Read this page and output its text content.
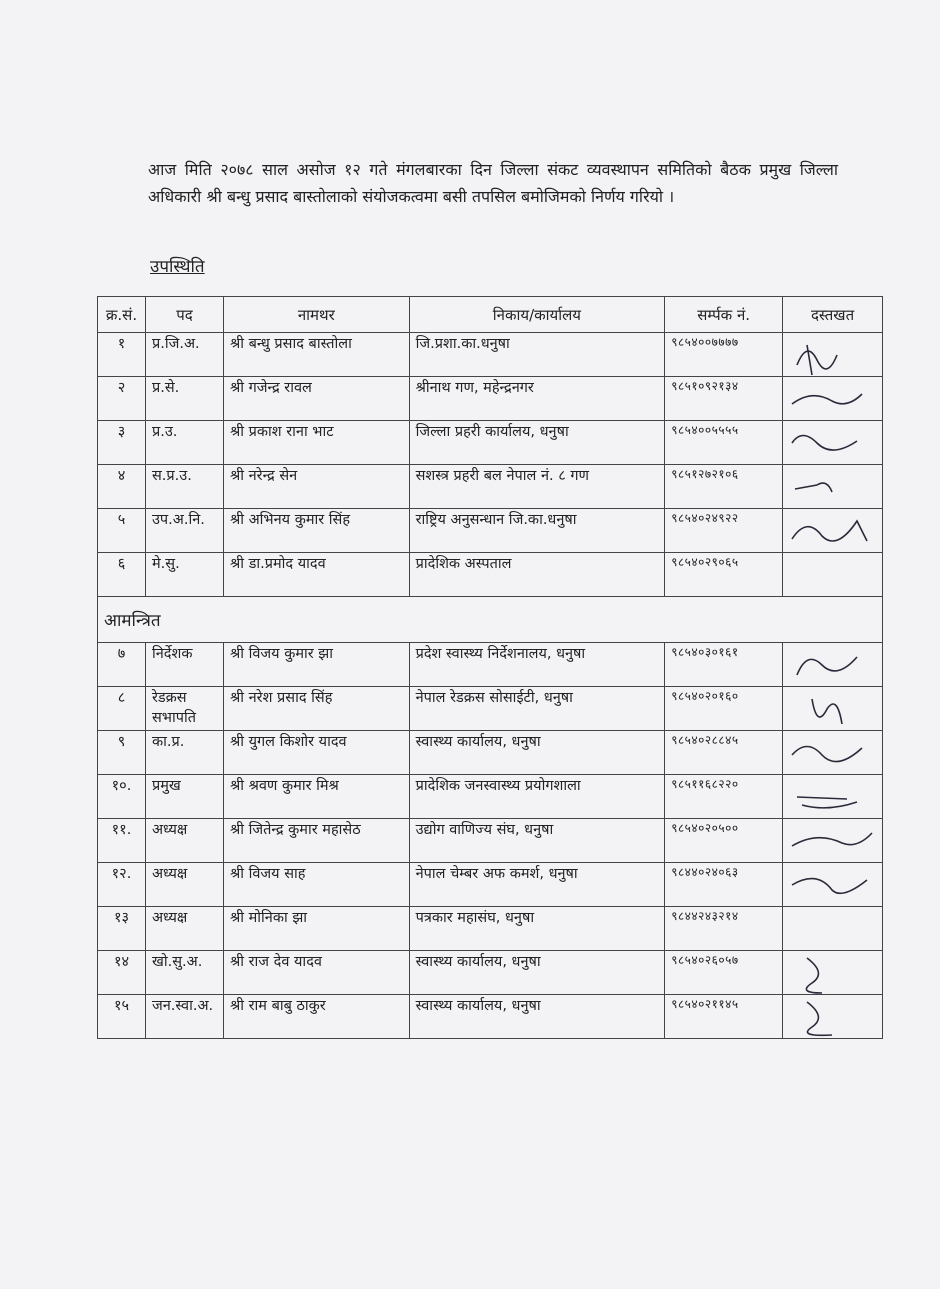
आज मिति २०७८ साल असोज १२ गते मंगलबारका दिन जिल्ला संकट व्यवस्थापन समितिको बैठक प्रमुख जिल्ला अधिकारी श्री बन्धु प्रसाद बास्तोलाको संयोजकत्वमा बसी तपसिल बमोजिमको निर्णय गरियो ।

उपस्थिति
क्र.सं.	पद	नामथर	निकाय/कार्यालय	सर्म्पक नं.	दस्तखत
१	प्र.जि.अ.	श्री बन्धु प्रसाद बास्तोला	जि.प्रशा.का.धनुषा	९८५४००७७७७	

२	प्र.से.	श्री गजेन्द्र रावल	श्रीनाथ गण, महेन्द्रनगर	९८५१०९२१३४	

३	प्र.उ.	श्री प्रकाश राना भाट	जिल्ला प्रहरी कार्यालय, धनुषा	९८५४००५५५५	

४	स.प्र.उ.	श्री नरेन्द्र सेन	सशस्त्र प्रहरी बल नेपाल नं. ८ गण	९८५१२७२१०६	

५	उप.अ.नि.	श्री अभिनय कुमार सिंह	राष्ट्रिय अनुसन्धान जि.का.धनुषा	९८५४०२४९२२	

६	मे.सु.	श्री डा.प्रमोद यादव	प्रादेशिक अस्पताल	९८५४०२९०६५	
आमन्त्रित					
७	निर्देशक	श्री विजय कुमार झा	प्रदेश स्वास्थ्य निर्देशनालय, धनुषा	९८५४०३०१६१	

८	रेडक्रस सभापति	श्री नरेश प्रसाद सिंह	नेपाल रेडक्रस सोसाईटी, धनुषा	९८५४०२०१६०	

९	का.प्र.	श्री युगल किशोर यादव	स्वास्थ्य कार्यालय, धनुषा	९८५४०२८८४५	

१०.	प्रमुख	श्री श्रवण कुमार मिश्र	प्रादेशिक जनस्वास्थ्य प्रयोगशाला	९८५११६८२२०	

११.	अध्यक्ष	श्री जितेन्द्र कुमार महासेठ	उद्योग वाणिज्य संघ, धनुषा	९८५४०२०५००	

१२.	अध्यक्ष	श्री विजय साह	नेपाल चेम्बर अफ कमर्श, धनुषा	९८४४०२४०६३	

१३	अध्यक्ष	श्री मोनिका झा	पत्रकार महासंघ, धनुषा	९८४४२४३२१४	
१४	खो.सु.अ.	श्री राज देव यादव	स्वास्थ्य कार्यालय, धनुषा	९८५४०२६०५७	

१५	जन.स्वा.अ.	श्री राम बाबु ठाकुर	स्वास्थ्य कार्यालय, धनुषा	९८५४०२११४५	
